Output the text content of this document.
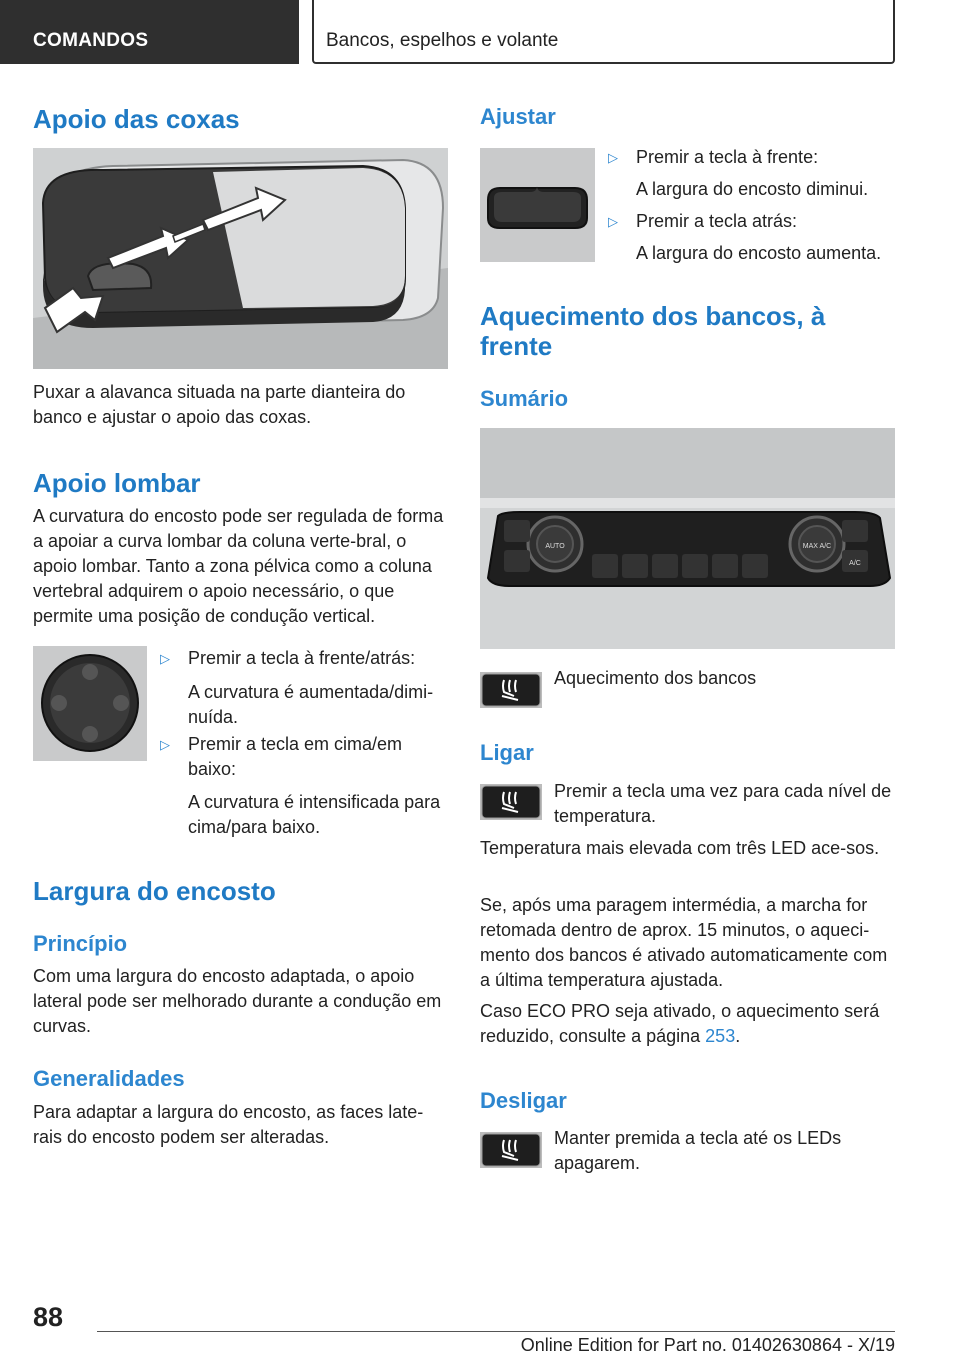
COMANDOS	Bancos, espelhos e volante
Apoio das coxas

Puxar a alavanca situada na parte dianteira do banco e ajustar o apoio das coxas.

Apoio lombar

A curvatura do encosto pode ser regulada de forma a apoiar a curva lombar da coluna verte‐bral, o apoio lombar. Tanto a zona pélvica como a coluna vertebral adquirem o apoio necessário, o que permite uma posição de condução vertical.

▷ Premir a tecla à frente/atrás:
A curvatura é aumentada/dimi‐nuída.
▷ Premir a tecla em cima/em baixo:
A curvatura é intensificada para cima/para baixo.
Largura do encosto
Princípio

Com uma largura do encosto adaptada, o apoio lateral pode ser melhorado durante a condução em curvas.

Generalidades

Para adaptar a largura do encosto, as faces late‐rais do encosto podem ser alteradas.

Ajustar
▷ Premir a tecla à frente:
A largura do encosto diminui.
▷ Premir a tecla atrás:
A largura do encosto aumenta.
Aquecimento dos bancos, à frente
Sumário
AUTO	MAX A/C
A/C
Aquecimento dos bancos
Ligar

Premir a tecla uma vez para cada nível de temperatura.

Temperatura mais elevada com três LED ace‐sos.

Se, após uma paragem intermédia, a marcha for retomada dentro de aprox. 15 minutos, o aqueci‐mento dos bancos é ativado automaticamente com a última temperatura ajustada.

Caso ECO PRO seja ativado, o aquecimento será reduzido, consulte a página 253.

Desligar

Manter premida a tecla até os LEDs apagarem.

88
Online Edition for Part no. 01402630864 - X/19
